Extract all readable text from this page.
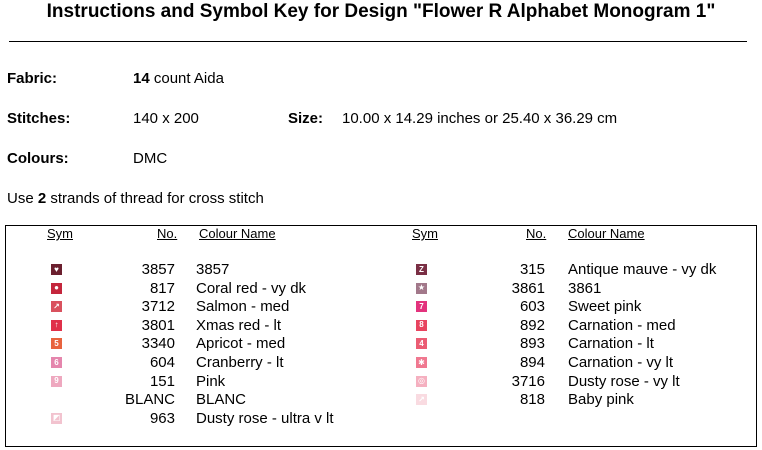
Instructions and Symbol Key for Design "Flower R Alphabet Monogram 1"
Fabric:	14 count Aida
Stitches:	140 x 200	Size: 10.00 x 14.29 inches or 25.40 x 36.29 cm
Colours:	DMC
Use 2 strands of thread for cross stitch
Sym	No. Colour Name	Sym	No. Colour Name
♥	3857 3857
●	817 Coral red - vy dk
↗	3712 Salmon - med
↑	3801 Xmas red - lt
5	3340 Apricot - med
6	604 Cranberry - lt
9	151 Pink
BLANC BLANC
◩	963 Dusty rose - ultra v lt
Z	315 Antique mauve - vy dk
★	3861 3861
7	603 Sweet pink
8	892 Carnation - med
4	893 Carnation - lt
✱	894 Carnation - vy lt
◎	3716 Dusty rose - vy lt
↗	818 Baby pink
